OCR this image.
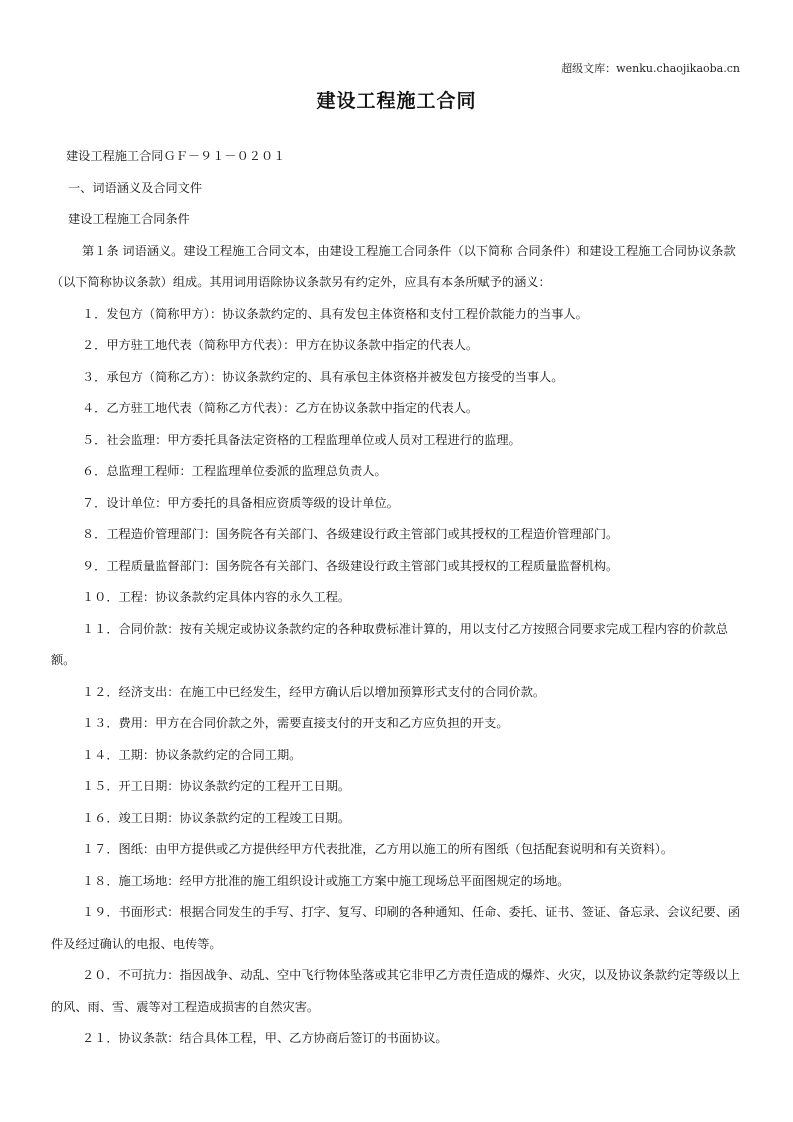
超级文库：wenku.chaojikaoba.cn
建设工程施工合同

建设工程施工合同ＧＦ－９１－０２０１

一、词语涵义及合同文件

建设工程施工合同条件

第１条 词语涵义。建设工程施工合同文本，由建设工程施工合同条件（以下简称 合同条件）和建设工程施工合同协议条款（以下简称协议条款）组成。其用词用语除协议条款另有约定外，应具有本条所赋予的涵义：

１．发包方（简称甲方）：协议条款约定的、具有发包主体资格和支付工程价款能力的当事人。

２．甲方驻工地代表（简称甲方代表）：甲方在协议条款中指定的代表人。

３．承包方（简称乙方）：协议条款约定的、具有承包主体资格并被发包方接受的当事人。

４．乙方驻工地代表（简称乙方代表）：乙方在协议条款中指定的代表人。

５．社会监理：甲方委托具备法定资格的工程监理单位或人员对工程进行的监理。

６．总监理工程师：工程监理单位委派的监理总负责人。

７．设计单位：甲方委托的具备相应资质等级的设计单位。

８．工程造价管理部门：国务院各有关部门、各级建设行政主管部门或其授权的工程造价管理部门。

９．工程质量监督部门：国务院各有关部门、各级建设行政主管部门或其授权的工程质量监督机构。

１０．工程：协议条款约定具体内容的永久工程。

１１．合同价款：按有关规定或协议条款约定的各种取费标准计算的，用以支付乙方按照合同要求完成工程内容的价款总额。

１２．经济支出：在施工中已经发生，经甲方确认后以增加预算形式支付的合同价款。

１３．费用：甲方在合同价款之外，需要直接支付的开支和乙方应负担的开支。

１４．工期：协议条款约定的合同工期。

１５．开工日期：协议条款约定的工程开工日期。

１６．竣工日期：协议条款约定的工程竣工日期。

１７．图纸：由甲方提供或乙方提供经甲方代表批准，乙方用以施工的所有图纸（包括配套说明和有关资料）。

１８．施工场地：经甲方批准的施工组织设计或施工方案中施工现场总平面图规定的场地。

１９．书面形式：根据合同发生的手写、打字、复写、印刷的各种通知、任命、委托、证书、签证、备忘录、会议纪要、函件及经过确认的电报、电传等。

２０．不可抗力：指因战争、动乱、空中飞行物体坠落或其它非甲乙方责任造成的爆炸、火灾，以及协议条款约定等级以上的风、雨、雪、震等对工程造成损害的自然灾害。

２１．协议条款：结合具体工程，甲、乙方协商后签订的书面协议。
